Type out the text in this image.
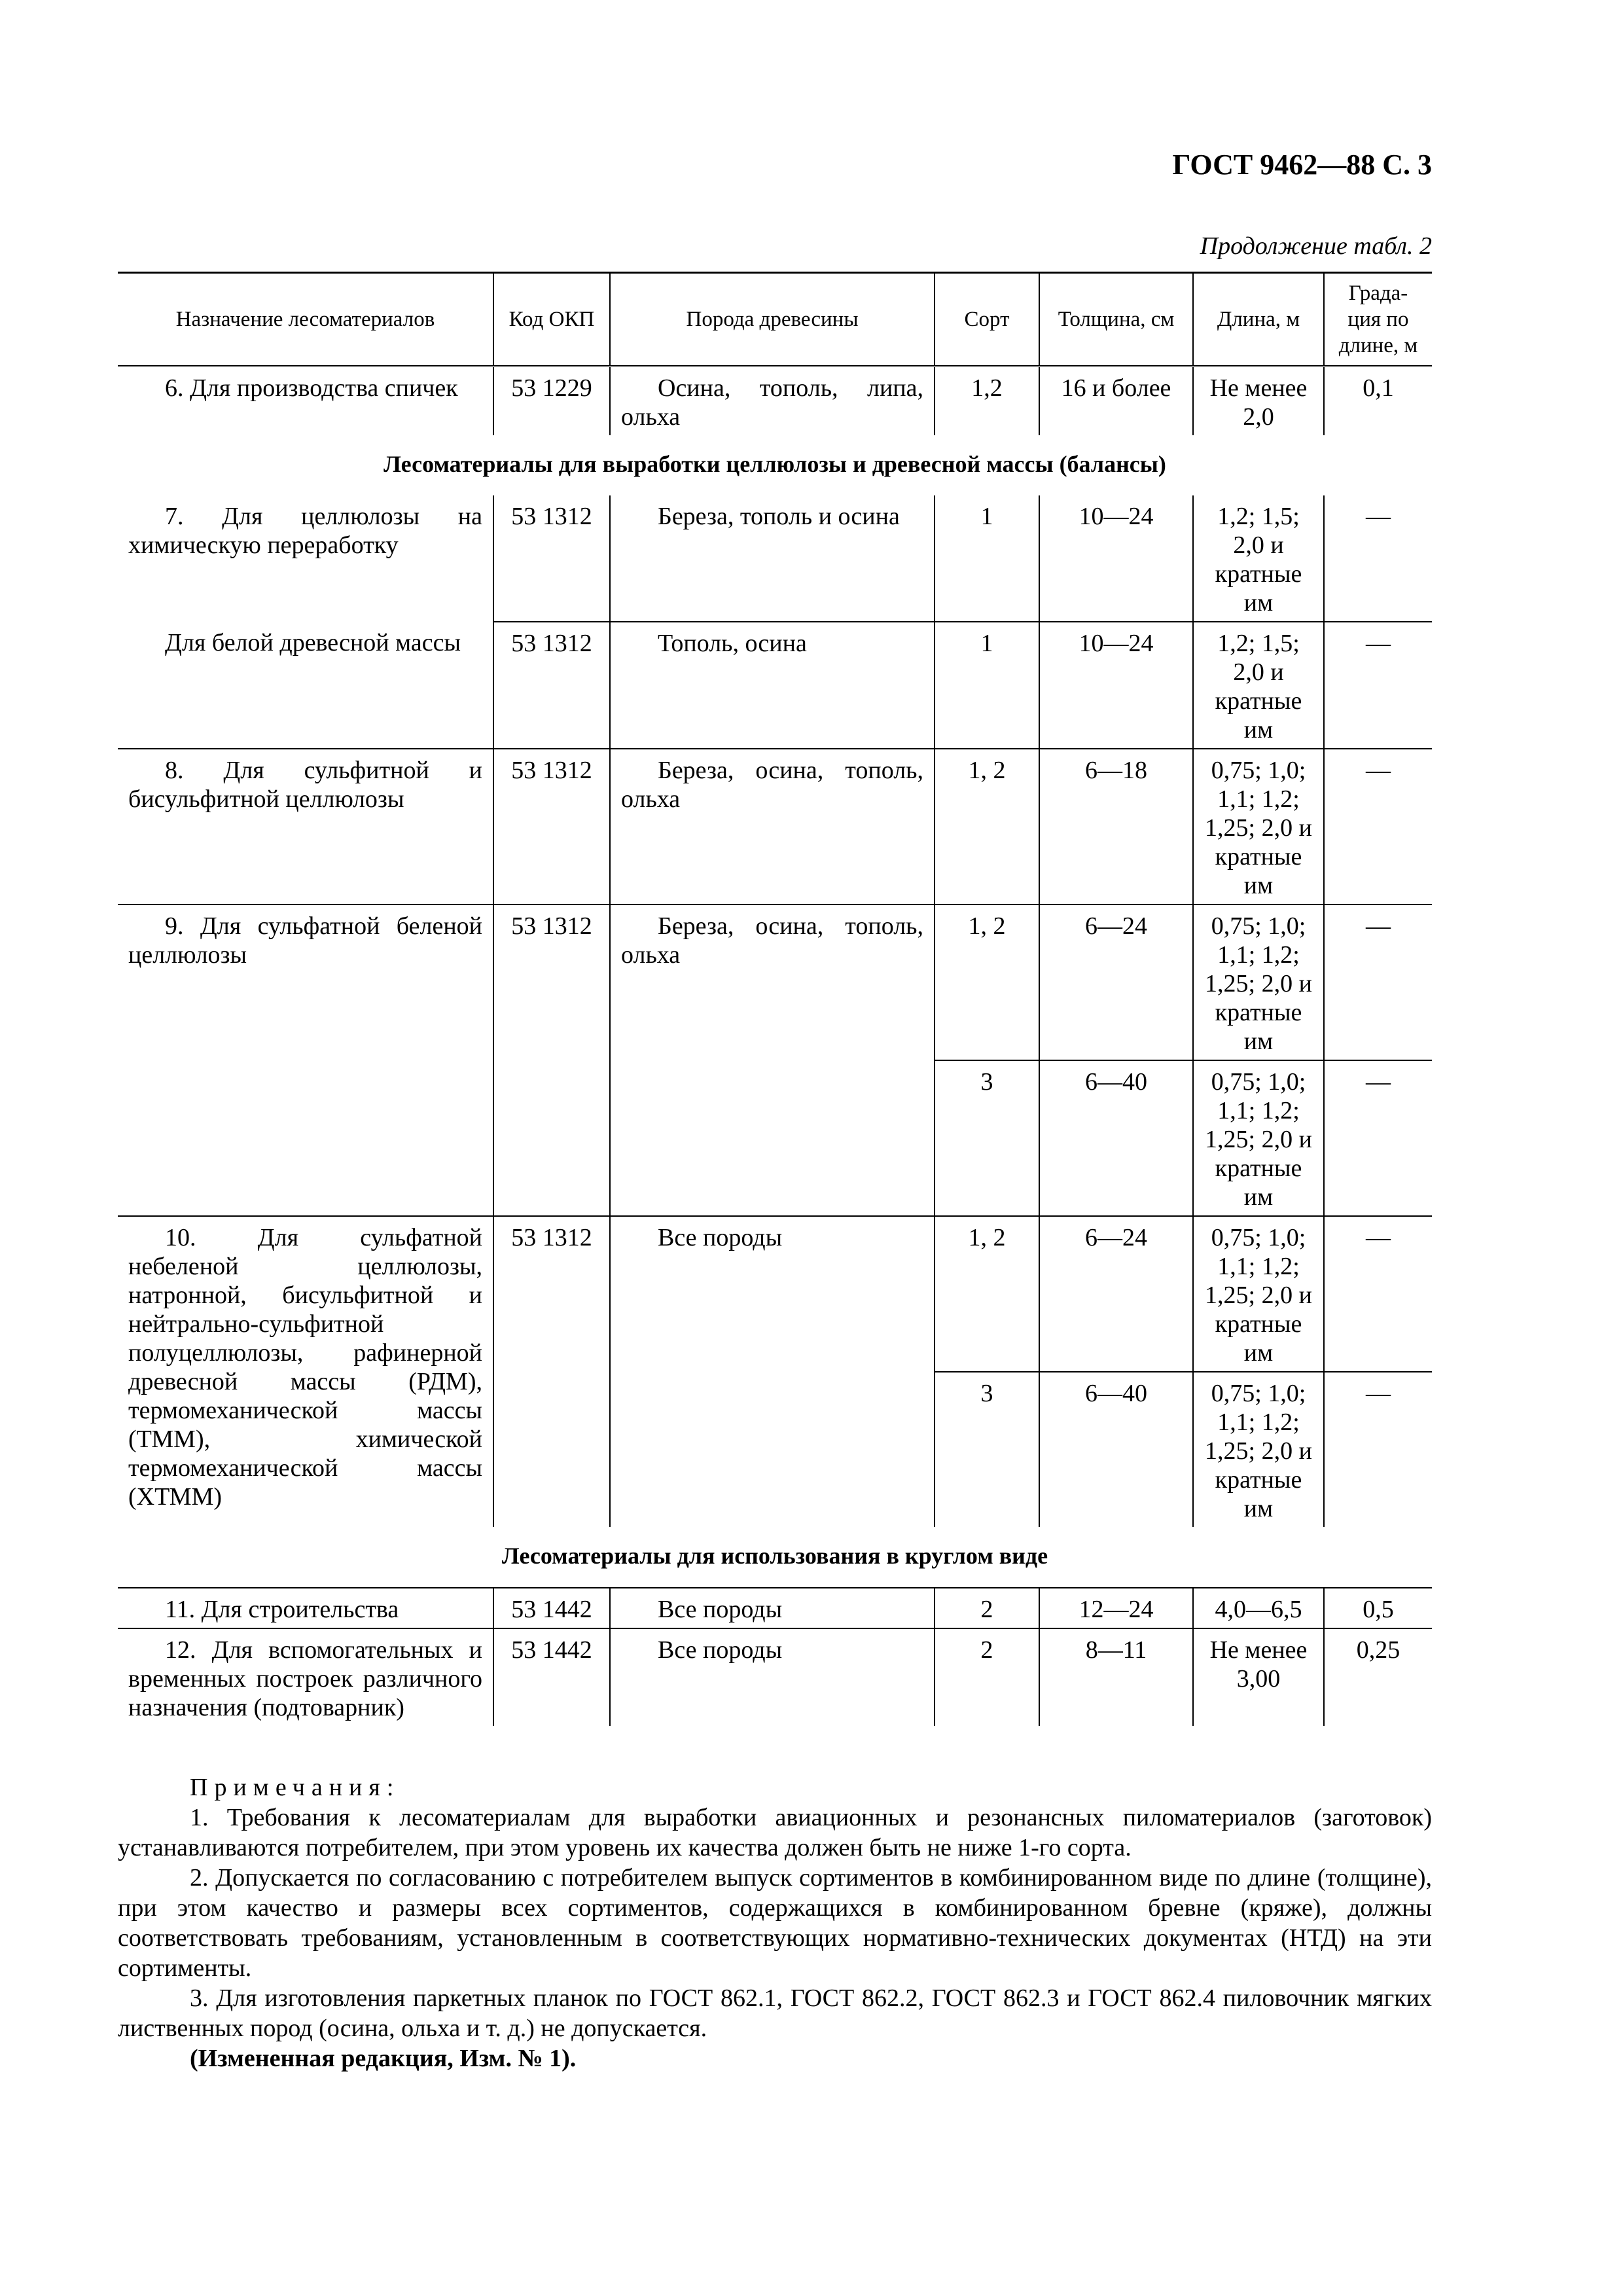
ГОСТ 9462—88 С. 3
Продолжение табл. 2
Назначение лесоматериалов	Код ОКП	Порода древесины	Сорт	Толщина, см	Длина, м	Града- ция по длине, м

6. Для производства спичек	53 1229	Осина, тополь, липа, ольха	1,2	16 и более	Не менее 2,0	0,1
Лесоматериалы для выработки целлюлозы и древесной массы (балансы)						

7. Для целлюлозы на химическую переработку	53 1312	Береза, тополь и осина	1	10—24	1,2; 1,5; 2,0 и кратные им	—

Для белой древесной массы	53 1312	Тополь, осина	1	10—24	1,2; 1,5; 2,0 и кратные им	—

8. Для сульфитной и бисульфитной целлюлозы	53 1312	Береза, осина, тополь, ольха	1, 2	6—18	0,75; 1,0; 1,1; 1,2; 1,25; 2,0 и кратные им	—

9. Для сульфатной беленой целлюлозы	53 1312	Береза, осина, тополь, ольха	1, 2	6—24	0,75; 1,0; 1,1; 1,2; 1,25; 2,0 и кратные им	—
			3	6—40	0,75; 1,0; 1,1; 1,2; 1,25; 2,0 и кратные им	—

10. Для сульфатной небеленой целлюлозы, натронной, бисульфитной и нейтрально-сульфитной полуцеллюлозы, рафинерной древесной массы (РДМ), термомеханической массы (ТММ), химической термомеханической массы (ХТММ)	53 1312	Все породы	1, 2	6—24	0,75; 1,0; 1,1; 1,2; 1,25; 2,0 и кратные им	—
			3	6—40	0,75; 1,0; 1,1; 1,2; 1,25; 2,0 и кратные им	—
Лесоматериалы для использования в круглом виде						

11. Для строительства	53 1442	Все породы	2	12—24	4,0—6,5	0,5

12. Для вспомогательных и временных построек различного назначения (подтоварник)	53 1442	Все породы	2	8—11	Не менее 3,00	0,25

Примечания:

1. Требования к лесоматериалам для выработки авиационных и резонансных пиломатериалов (заготовок) устанавливаются потребителем, при этом уровень их качества должен быть не ниже 1-го сорта.

2. Допускается по согласованию с потребителем выпуск сортиментов в комбинированном виде по длине (толщине), при этом качество и размеры всех сортиментов, содержащихся в комбинированном бревне (кряже), должны соответствовать требованиям, установленным в соответствующих нормативно-технических документах (НТД) на эти сортименты.

3. Для изготовления паркетных планок по ГОСТ 862.1, ГОСТ 862.2, ГОСТ 862.3 и ГОСТ 862.4 пиловочник мягких лиственных пород (осина, ольха и т. д.) не допускается.

(Измененная редакция, Изм. № 1).
